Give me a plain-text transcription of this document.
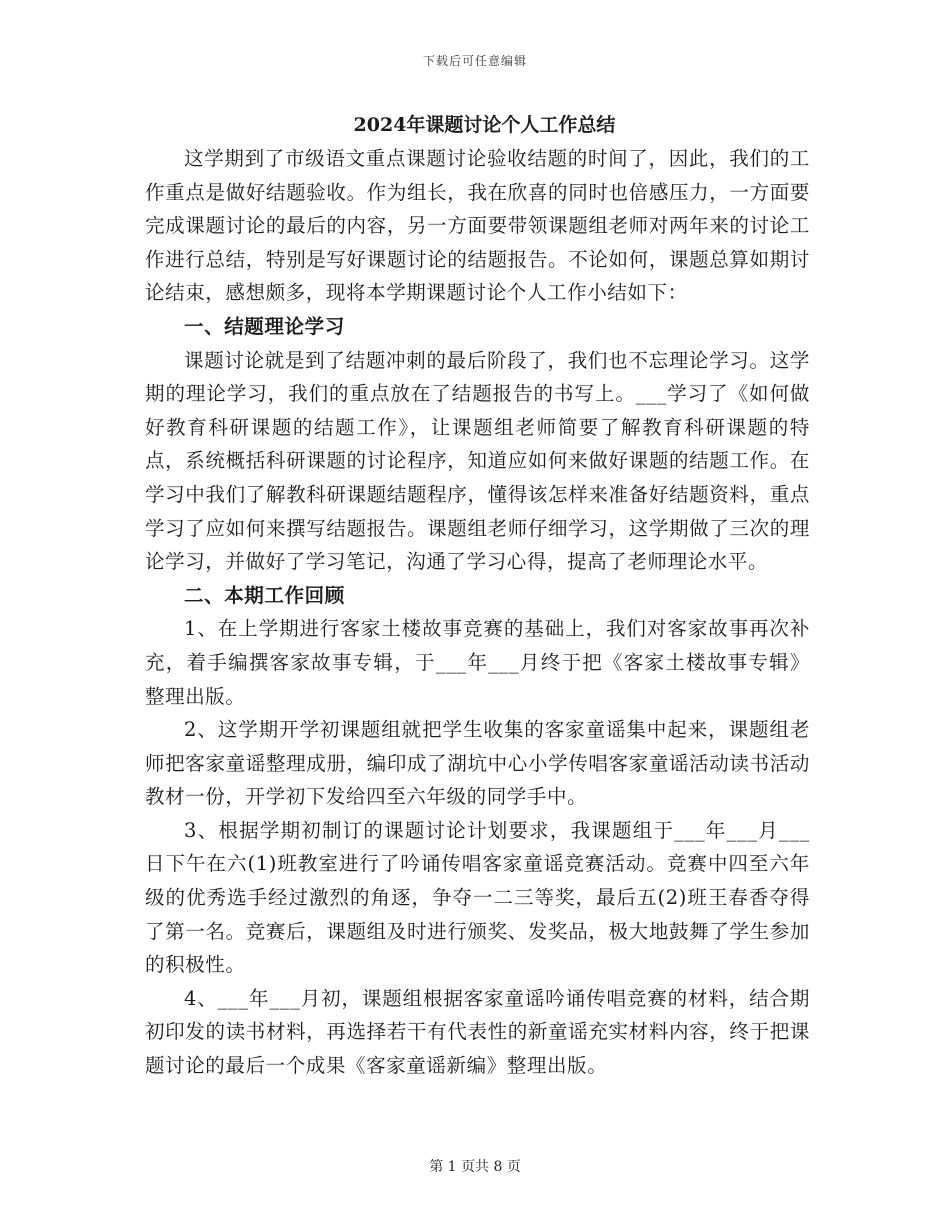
下载后可任意编辑
2024年课题讨论个人工作总结

这学期到了市级语文重点课题讨论验收结题的时间了，因此，我们的工作重点是做好结题验收。作为组长，我在欣喜的同时也倍感压力，一方面要完成课题讨论的最后的内容，另一方面要带领课题组老师对两年来的讨论工作进行总结，特别是写好课题讨论的结题报告。不论如何，课题总算如期讨论结束，感想颇多，现将本学期课题讨论个人工作小结如下：

一、结题理论学习

课题讨论就是到了结题冲刺的最后阶段了，我们也不忘理论学习。这学期的理论学习，我们的重点放在了结题报告的书写上。___学习了《如何做好教育科研课题的结题工作》，让课题组老师简要了解教育科研课题的特点，系统概括科研课题的讨论程序，知道应如何来做好课题的结题工作。在学习中我们了解教科研课题结题程序，懂得该怎样来准备好结题资料，重点学习了应如何来撰写结题报告。课题组老师仔细学习，这学期做了三次的理论学习，并做好了学习笔记，沟通了学习心得，提高了老师理论水平。

二、本期工作回顾

1、在上学期进行客家土楼故事竞赛的基础上，我们对客家故事再次补充，着手编撰客家故事专辑，于___年___月终于把《客家土楼故事专辑》整理出版。

2、这学期开学初课题组就把学生收集的客家童谣集中起来，课题组老师把客家童谣整理成册，编印成了湖坑中心小学传唱客家童谣活动读书活动教材一份，开学初下发给四至六年级的同学手中。

3、根据学期初制订的课题讨论计划要求，我课题组于___年___月___日下午在六(1)班教室进行了吟诵传唱客家童谣竞赛活动。竞赛中四至六年级的优秀选手经过激烈的角逐，争夺一二三等奖，最后五(2)班王春香夺得了第一名。竞赛后，课题组及时进行颁奖、发奖品，极大地鼓舞了学生参加的积极性。

4、___年___月初，课题组根据客家童谣吟诵传唱竞赛的材料，结合期初印发的读书材料，再选择若干有代表性的新童谣充实材料内容，终于把课题讨论的最后一个成果《客家童谣新编》整理出版。

第 1 页共 8 页
